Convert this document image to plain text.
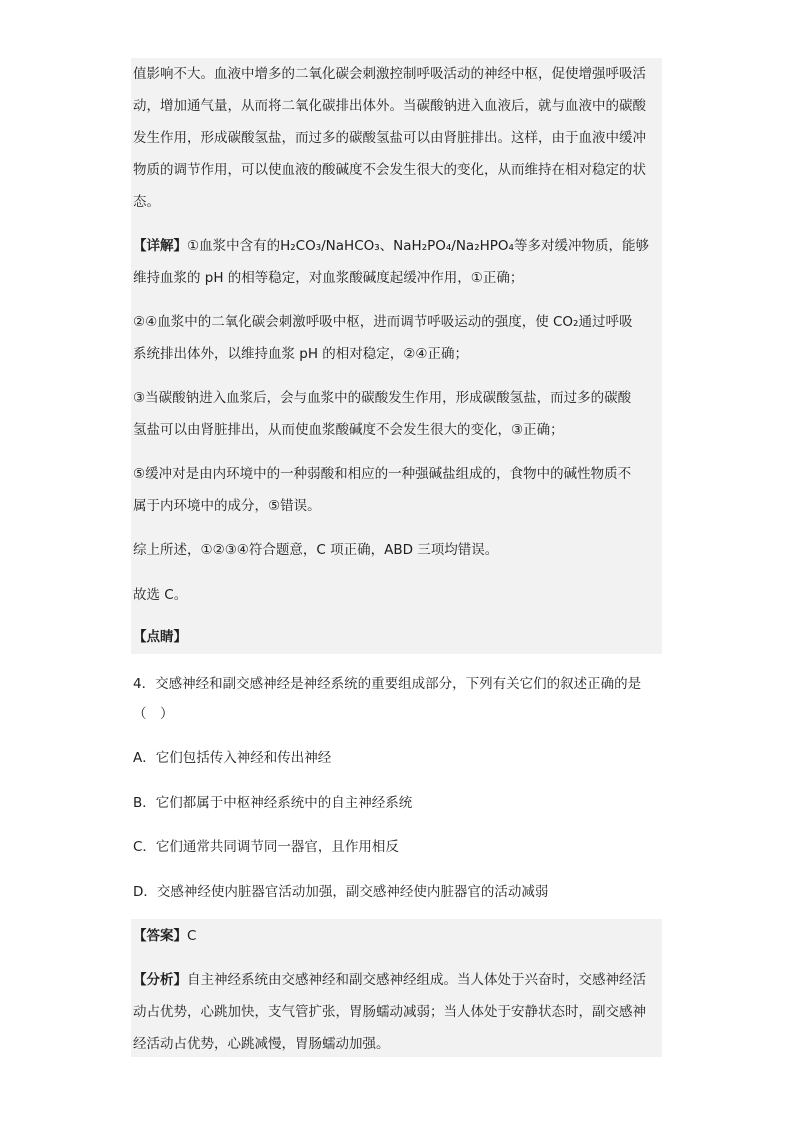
值影响不大。血液中增多的二氧化碳会刺激控制呼吸活动的神经中枢，促使增强呼吸活
动，增加通气量，从而将二氧化碳排出体外。当碳酸钠进入血液后，就与血液中的碳酸
发生作用，形成碳酸氢盐，而过多的碳酸氢盐可以由肾脏排出。这样，由于血液中缓冲
物质的调节作用，可以使血液的酸碱度不会发生很大的变化，从而维持在相对稳定的状
态。
【详解】①血浆中含有的H₂CO₃/NaHCO₃、NaH₂PO₄/Na₂HPO₄等多对缓冲物质，能够
维持血浆的 pH 的相等稳定，对血浆酸碱度起缓冲作用，①正确；
②④血浆中的二氧化碳会刺激呼吸中枢，进而调节呼吸运动的强度，使 CO₂通过呼吸
系统排出体外，以维持血浆 pH 的相对稳定，②④正确；
③当碳酸钠进入血浆后，会与血浆中的碳酸发生作用，形成碳酸氢盐，而过多的碳酸
氢盐可以由肾脏排出，从而使血浆酸碱度不会发生很大的变化，③正确；
⑤缓冲对是由内环境中的一种弱酸和相应的一种强碱盐组成的，食物中的碱性物质不
属于内环境中的成分，⑤错误。
综上所述，①②③④符合题意，C 项正确，ABD 三项均错误。
故选 C。
【点睛】
4．交感神经和副交感神经是神经系统的重要组成部分，下列有关它们的叙述正确的是
（　）
A．它们包括传入神经和传出神经
B．它们都属于中枢神经系统中的自主神经系统
C．它们通常共同调节同一器官，且作用相反
D．交感神经使内脏器官活动加强，副交感神经使内脏器官的活动减弱
【答案】C
【分析】自主神经系统由交感神经和副交感神经组成。当人体处于兴奋时，交感神经活
动占优势，心跳加快，支气管扩张，胃肠蠕动减弱；当人体处于安静状态时，副交感神
经活动占优势，心跳减慢，胃肠蠕动加强。
